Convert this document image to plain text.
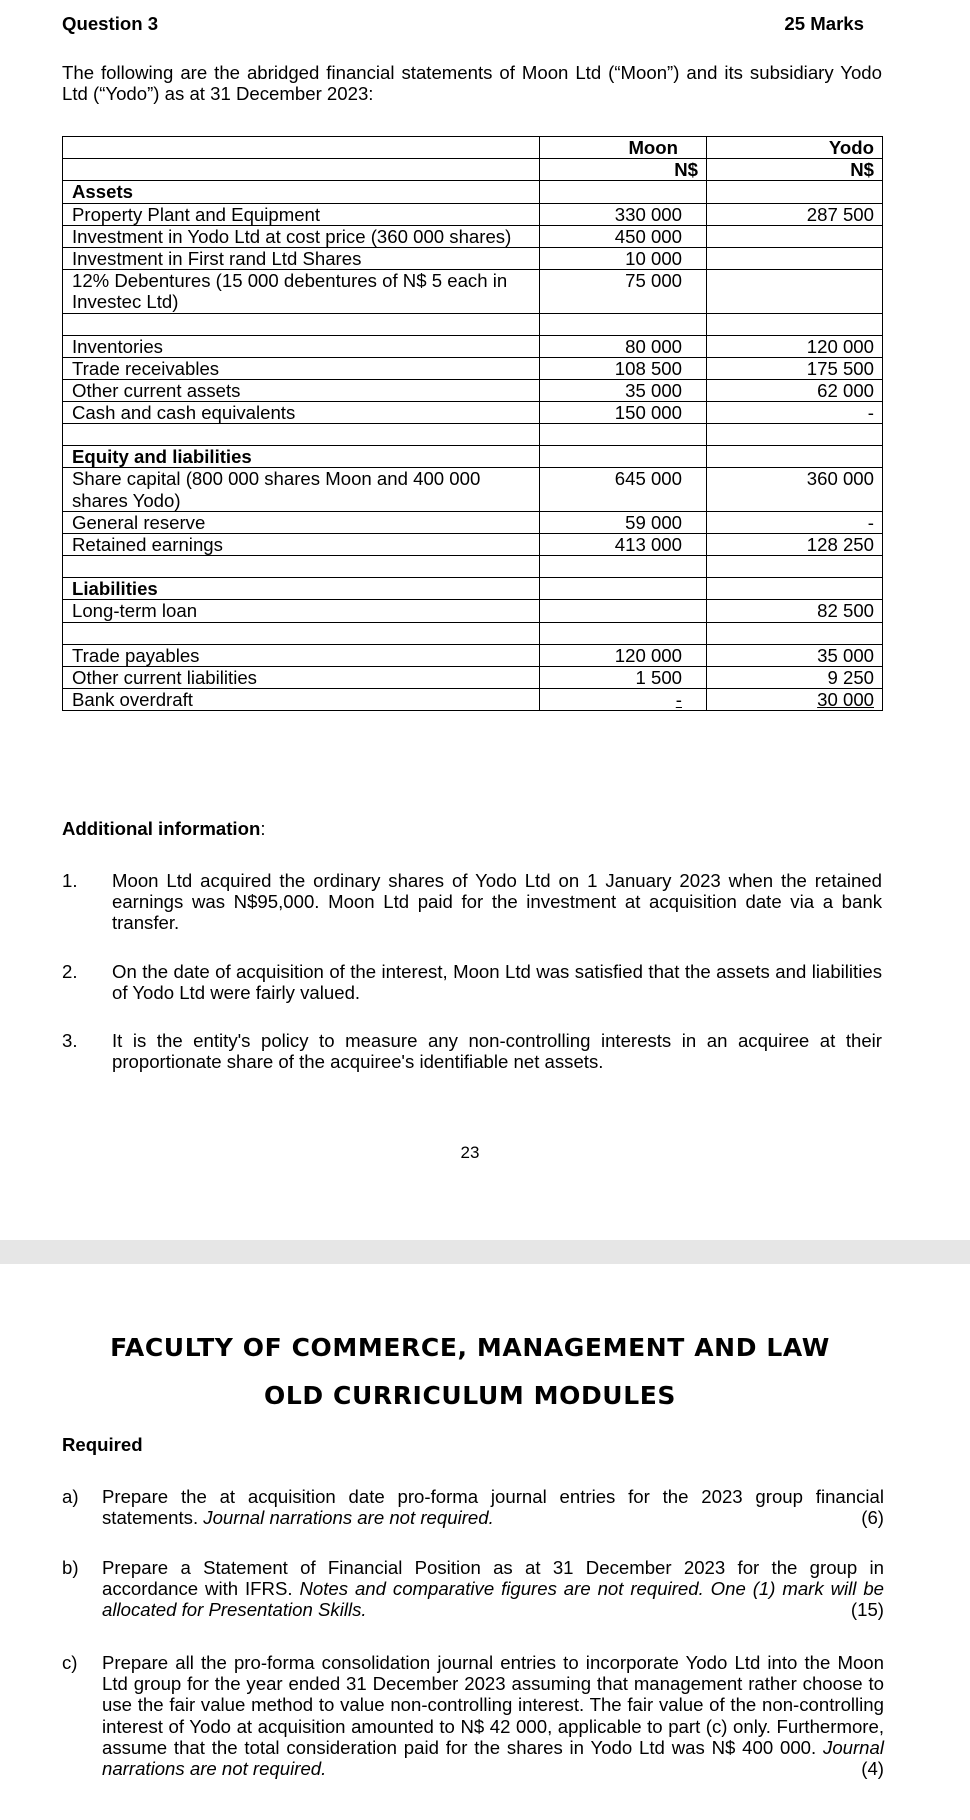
Question 3	25 Marks
The following are the abridged financial statements of Moon Ltd (“Moon”) and its subsidiary Yodo Ltd (“Yodo”) as at 31 December 2023:
	Moon	Yodo
	N$	N$
Assets		
Property Plant and Equipment	330 000	287 500
Investment in Yodo Ltd at cost price (360 000 shares)	450 000	
Investment in First rand Ltd Shares	10 000	
12% Debentures (15 000 debentures of N$ 5 each in Investec Ltd)	75 000	

Inventories	80 000	120 000
Trade receivables	108 500	175 500
Other current assets	35 000	62 000
Cash and cash equivalents	150 000	-

Equity and liabilities		
Share capital (800 000 shares Moon and 400 000 shares Yodo)	645 000	360 000
General reserve	59 000	-
Retained earnings	413 000	128 250

Liabilities		
Long-term loan		82 500

Trade payables	120 000	35 000
Other current liabilities	1 500	9 250
Bank overdraft	-	30 000
Additional information:
1. Moon Ltd acquired the ordinary shares of Yodo Ltd on 1 January 2023 when the retained earnings was N$95,000. Moon Ltd paid for the investment at acquisition date via a bank transfer.
2. On the date of acquisition of the interest, Moon Ltd was satisfied that the assets and liabilities of Yodo Ltd were fairly valued.
3. It is the entity's policy to measure any non-controlling interests in an acquiree at their proportionate share of the acquiree's identifiable net assets.
23
FACULTY OF COMMERCE, MANAGEMENT AND LAW
OLD CURRICULUM MODULES
Required
a) Prepare the at acquisition date pro-forma journal entries for the 2023 group financial statements. Journal narrations are not required.	(6)
b) Prepare a Statement of Financial Position as at 31 December 2023 for the group in accordance with IFRS. Notes and comparative figures are not required. One (1) mark will be allocated for Presentation Skills.	(15)
c) Prepare all the pro-forma consolidation journal entries to incorporate Yodo Ltd into the Moon Ltd group for the year ended 31 December 2023 assuming that management rather choose to use the fair value method to value non-controlling interest. The fair value of the non-controlling interest of Yodo at acquisition amounted to N$ 42 000, applicable to part (c) only. Furthermore, assume that the total consideration paid for the shares in Yodo Ltd was N$ 400 000. Journal narrations are not required.	(4)
